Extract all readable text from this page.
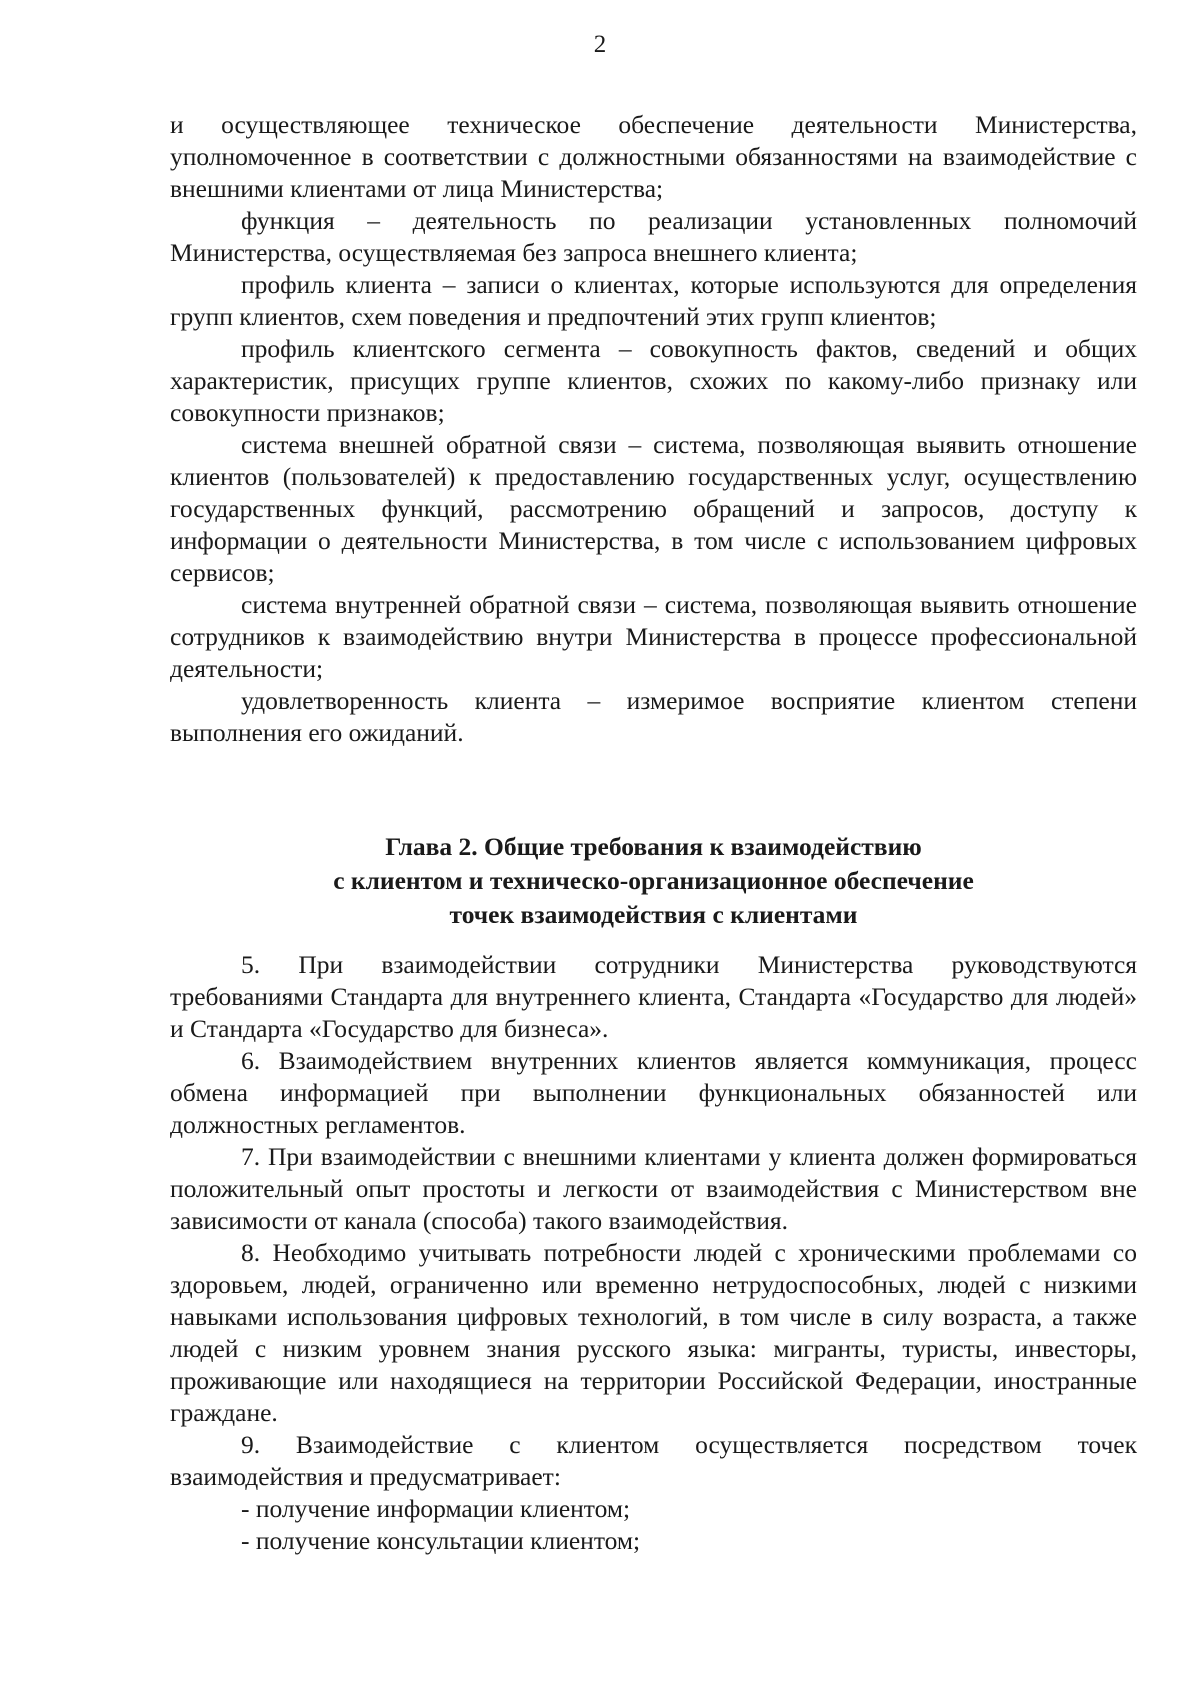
2

и осуществляющее техническое обеспечение деятельности Министерства, уполномоченное в соответствии с должностными обязанностями на взаимодействие с внешними клиентами от лица Министерства;

функция – деятельность по реализации установленных полномочий Министерства, осуществляемая без запроса внешнего клиента;

профиль клиента – записи о клиентах, которые используются для определения групп клиентов, схем поведения и предпочтений этих групп клиентов;

профиль клиентского сегмента – совокупность фактов, сведений и общих характеристик, присущих группе клиентов, схожих по какому-либо признаку или совокупности признаков;

система внешней обратной связи – система, позволяющая выявить отношение клиентов (пользователей) к предоставлению государственных услуг, осуществлению государственных функций, рассмотрению обращений и запросов, доступу к информации о деятельности Министерства, в том числе с использованием цифровых сервисов;

система внутренней обратной связи – система, позволяющая выявить отношение сотрудников к взаимодействию внутри Министерства в процессе профессиональной деятельности;

удовлетворенность клиента – измеримое восприятие клиентом степени выполнения его ожиданий.

Глава 2. Общие требования к взаимодействию
с клиентом и техническо-организационное обеспечение
точек взаимодействия с клиентами

5. При взаимодействии сотрудники Министерства руководствуются требованиями Стандарта для внутреннего клиента, Стандарта «Государство для людей» и Стандарта «Государство для бизнеса».

6. Взаимодействием внутренних клиентов является коммуникация, процесс обмена информацией при выполнении функциональных обязанностей или должностных регламентов.

7. При взаимодействии с внешними клиентами у клиента должен формироваться положительный опыт простоты и легкости от взаимодействия с Министерством вне зависимости от канала (способа) такого взаимодействия.

8. Необходимо учитывать потребности людей с хроническими проблемами со здоровьем, людей, ограниченно или временно нетрудоспособных, людей с низкими навыками использования цифровых технологий, в том числе в силу возраста, а также людей с низким уровнем знания русского языка: мигранты, туристы, инвесторы, проживающие или находящиеся на территории Российской Федерации, иностранные граждане.

9. Взаимодействие с клиентом осуществляется посредством точек взаимодействия и предусматривает:

- получение информации клиентом;

- получение консультации клиентом;
